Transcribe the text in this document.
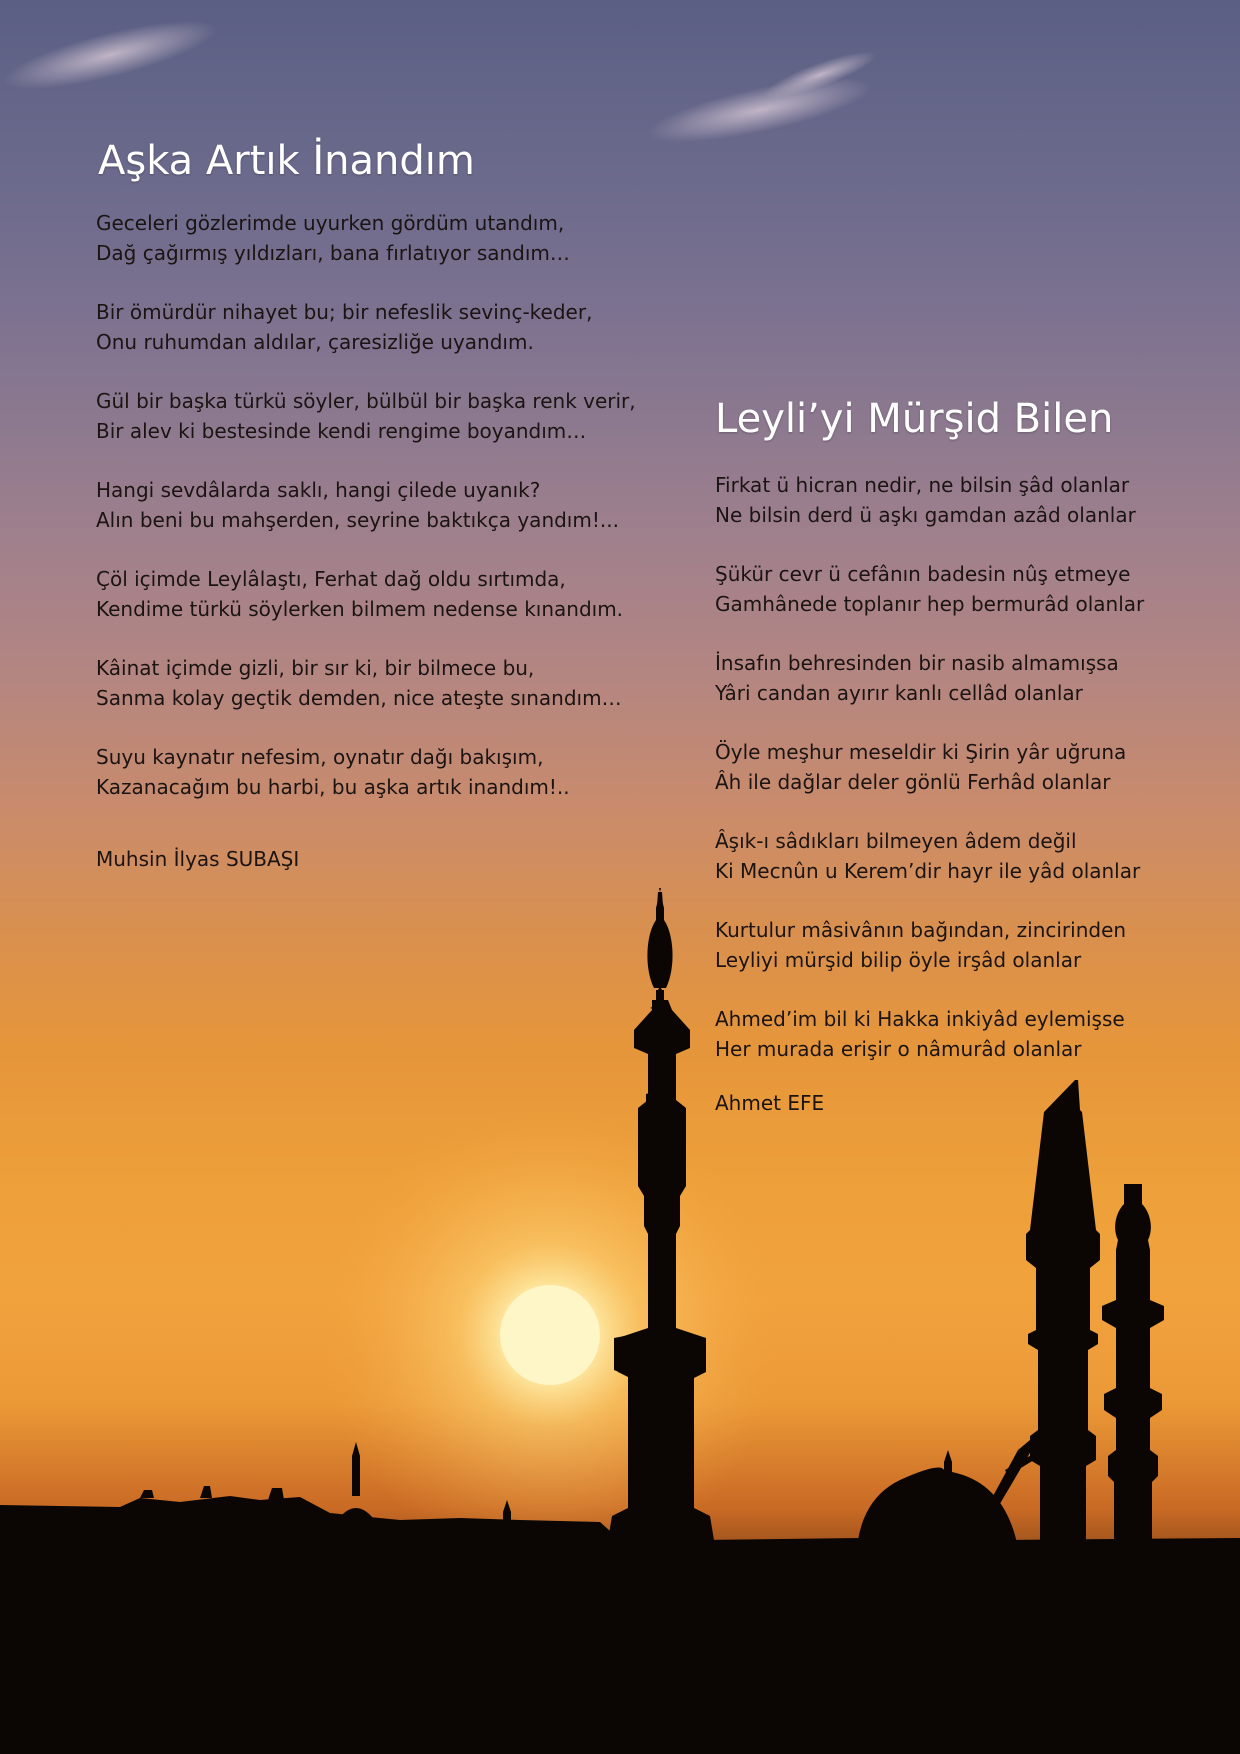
Aşka Artık İnandım
Geceleri gözlerimde uyurken gördüm utandım,
Dağ çağırmış yıldızları, bana fırlatıyor sandım…
Bir ömürdür nihayet bu; bir nefeslik sevinç-keder,
Onu ruhumdan aldılar, çaresizliğe uyandım.
Gül bir başka türkü söyler, bülbül bir başka renk verir,
Bir alev ki bestesinde kendi rengime boyandım…
Hangi sevdâlarda saklı, hangi çilede uyanık?
Alın beni bu mahşerden, seyrine baktıkça yandım!...
Çöl içimde Leylâlaştı, Ferhat dağ oldu sırtımda,
Kendime türkü söylerken bilmem nedense kınandım.
Kâinat içimde gizli, bir sır ki, bir bilmece bu,
Sanma kolay geçtik demden, nice ateşte sınandım…
Suyu kaynatır nefesim, oynatır dağı bakışım,
Kazanacağım bu harbi, bu aşka artık inandım!..

Muhsin İlyas SUBAŞI

Leyli’yi Mürşid Bilen
Firkat ü hicran nedir, ne bilsin şâd olanlar
Ne bilsin derd ü aşkı gamdan azâd olanlar
Şükür cevr ü cefânın badesin nûş etmeye
Gamhânede toplanır hep bermurâd olanlar
İnsafın behresinden bir nasib almamışsa
Yâri candan ayırır kanlı cellâd olanlar
Öyle meşhur meseldir ki Şirin yâr uğruna
Âh ile dağlar deler gönlü Ferhâd olanlar
Âşık-ı sâdıkları bilmeyen âdem değil
Ki Mecnûn u Kerem’dir hayr ile yâd olanlar
Kurtulur mâsivânın bağından, zincirinden
Leyliyi mürşid bilip öyle irşâd olanlar
Ahmed’im bil ki Hakka inkiyâd eylemişse
Her murada erişir o nâmurâd olanlar

Ahmet EFE
